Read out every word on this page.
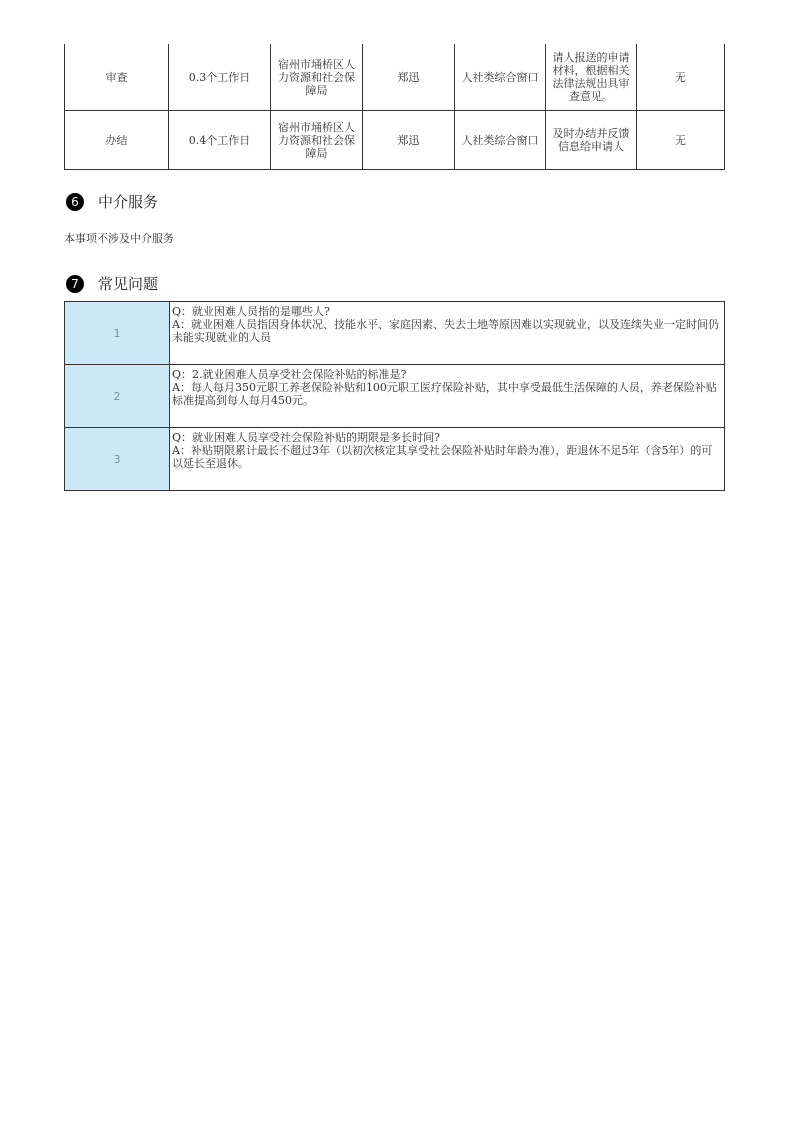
审查	0.3个工作日	宿州市埇桥区人力资源和社会保障局	郑迅	人社类综合窗口	请人报送的申请材料，根据相关法律法规出具审查意见。	无
办结	0.4个工作日	宿州市埇桥区人力资源和社会保障局	郑迅	人社类综合窗口	及时办结并反馈信息给申请人	无
6	中介服务
本事项不涉及中介服务
7	常见问题
1	Q：就业困难人员指的是哪些人?
A：就业困难人员指因身体状况、技能水平、家庭因素、失去土地等原因难以实现就业，以及连续失业一定时间仍未能实现就业的人员

2	Q：2.就业困难人员享受社会保险补贴的标准是?
A：每人每月350元职工养老保险补贴和100元职工医疗保险补贴，其中享受最低生活保障的人员，养老保险补贴标准提高到每人每月450元。

3	Q：就业困难人员享受社会保险补贴的期限是多长时间?
A：补贴期限累计最长不超过3年（以初次核定其享受社会保险补贴时年龄为准），距退休不足5年（含5年）的可以延长至退休。
